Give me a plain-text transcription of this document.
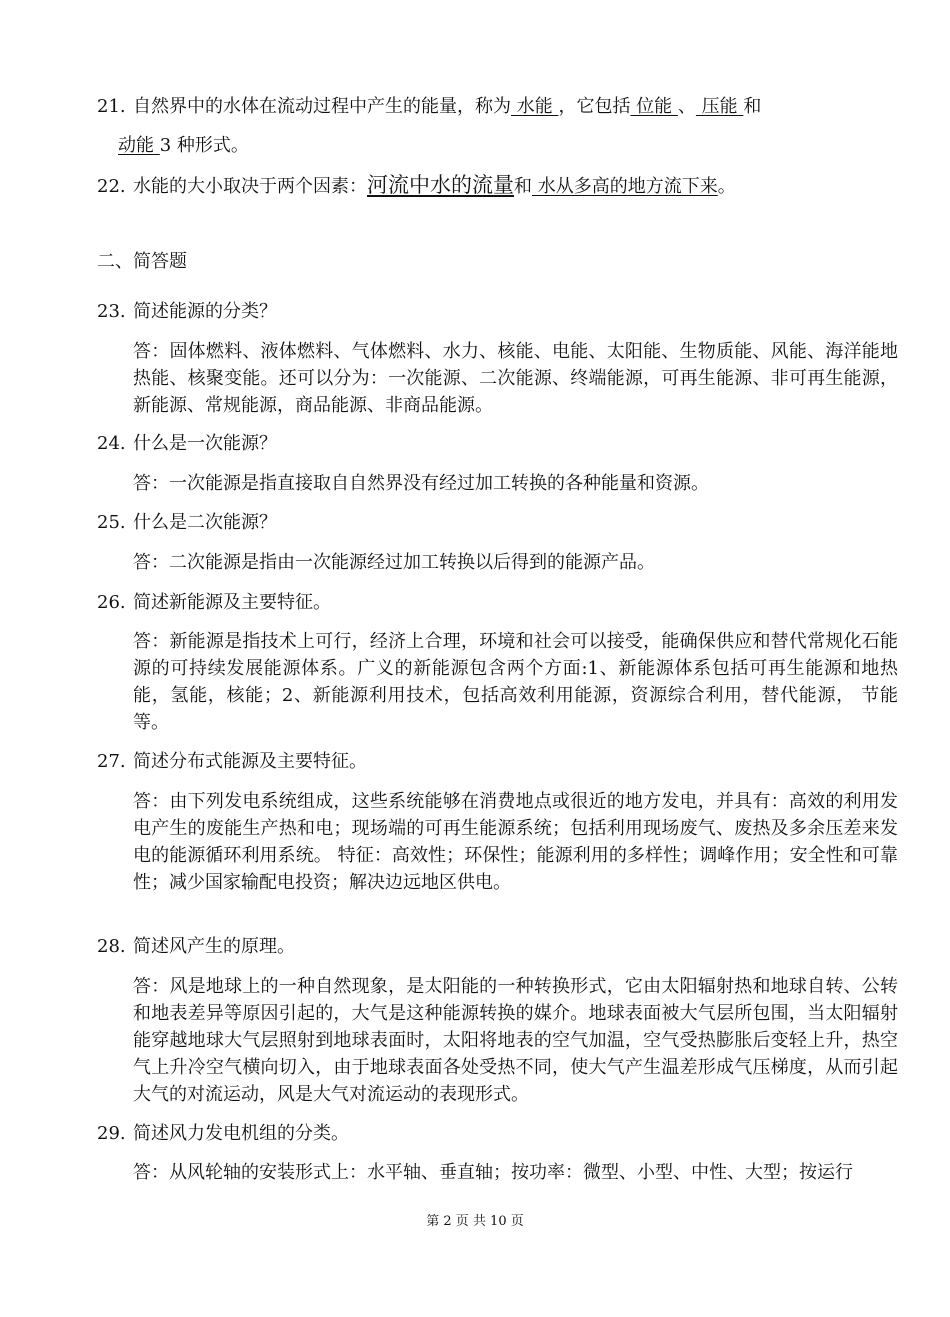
21. 自然界中的水体在流动过程中产生的能量，称为 水能 ，它包括 位能 、 压能 和
动能 3 种形式。
22. 水能的大小取决于两个因素：河流中水的流量和 水从多高的地方流下来。
二、简答题
23. 简述能源的分类？
答：固体燃料、液体燃料、气体燃料、水力、核能、电能、太阳能、生物质能、风能、海洋能地热能、核聚变能。还可以分为：一次能源、二次能源、终端能源，可再生能源、非可再生能源，新能源、常规能源，商品能源、非商品能源。
24. 什么是一次能源？
答：一次能源是指直接取自自然界没有经过加工转换的各种能量和资源。
25. 什么是二次能源？
答：二次能源是指由一次能源经过加工转换以后得到的能源产品。
26. 简述新能源及主要特征。
答：新能源是指技术上可行，经济上合理，环境和社会可以接受，能确保供应和替代常规化石能源的可持续发展能源体系。广义的新能源包含两个方面:1、新能源体系包括可再生能源和地热能，氢能，核能；2、新能源利用技术，包括高效利用能源，资源综合利用，替代能源， 节能等。
27. 简述分布式能源及主要特征。
答：由下列发电系统组成，这些系统能够在消费地点或很近的地方发电，并具有：高效的利用发电产生的废能生产热和电；现场端的可再生能源系统；包括利用现场废气、废热及多余压差来发电的能源循环利用系统。 特征：高效性；环保性；能源利用的多样性；调峰作用；安全性和可靠性；减少国家输配电投资；解决边远地区供电。
28. 简述风产生的原理。
答：风是地球上的一种自然现象，是太阳能的一种转换形式，它由太阳辐射热和地球自转、公转和地表差异等原因引起的，大气是这种能源转换的媒介。地球表面被大气层所包围，当太阳辐射能穿越地球大气层照射到地球表面时，太阳将地表的空气加温，空气受热膨胀后变轻上升，热空气上升冷空气横向切入，由于地球表面各处受热不同，使大气产生温差形成气压梯度，从而引起大气的对流运动，风是大气对流运动的表现形式。
29. 简述风力发电机组的分类。
答：从风轮轴的安装形式上：水平轴、垂直轴；按功率：微型、小型、中性、大型；按运行
第 2 页 共 10 页
